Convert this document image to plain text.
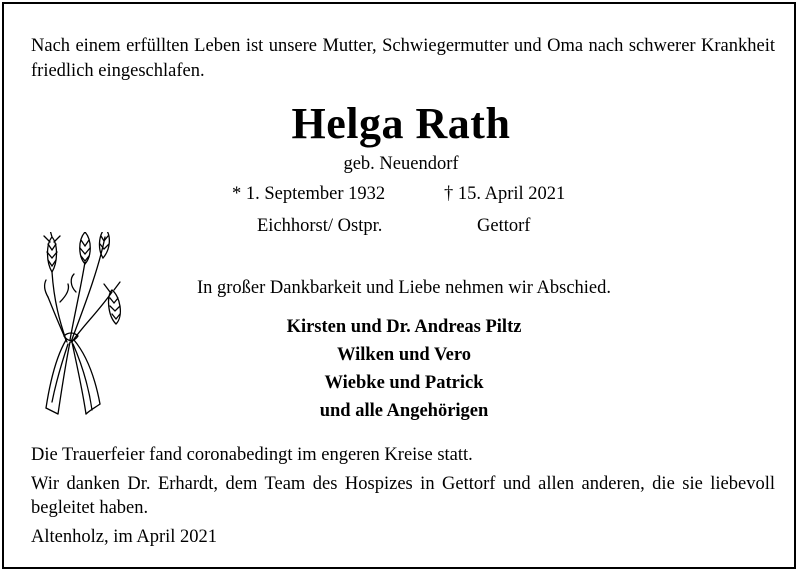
Nach einem erfüllten Leben ist unsere Mutter, Schwiegermutter und Oma nach schwerer Krankheit friedlich eingeschlafen.
Helga Rath
geb. Neuendorf
* 1. September 1932	† 15. April 2021
Eichhorst/ Ostpr.	Gettorf
In großer Dankbarkeit und Liebe nehmen wir Abschied.
Kirsten und Dr. Andreas Piltz
Wilken und Vero
Wiebke und Patrick
und alle Angehörigen
Die Trauerfeier fand coronabedingt im engeren Kreise statt.
Wir danken Dr. Erhardt, dem Team des Hospizes in Gettorf und allen anderen, die sie liebevoll begleitet haben.
Altenholz, im April 2021
